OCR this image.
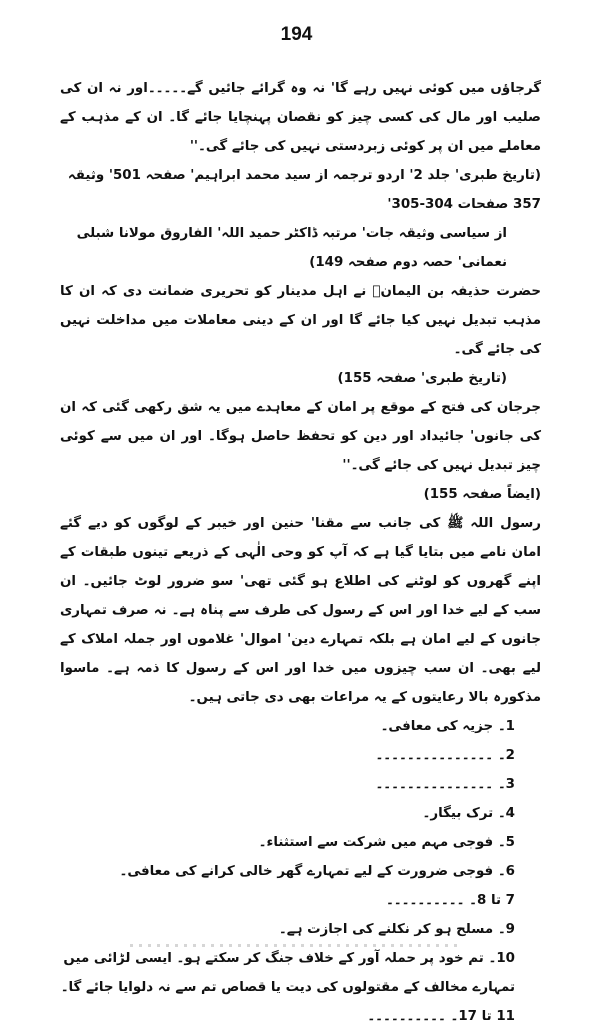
194

گرجاؤں میں کوئی نہیں رہے گا' نہ وہ گرائے جائیں گے۔۔۔۔۔اور نہ ان کی صلیب اور مال کی کسی چیز کو نقصان پہنچایا جائے گا۔ ان کے مذہب کے معاملے میں ان پر کوئی زبردستی نہیں کی جائے گی۔''

(تاریخ طبری' جلد 2' اردو ترجمہ از سید محمد ابراہیم' صفحہ 501' وثیقہ 357 صفحات 304-305'

از سیاسی وثیقہ جات' مرتبہ ڈاکٹر حمید اللہ' الفاروق مولانا شبلی نعمانی' حصہ دوم صفحہ 149)

حضرت حذیفہ بن الیمانؓ نے اہل مدینار کو تحریری ضمانت دی کہ ان کا مذہب تبدیل نہیں کیا جائے گا اور ان کے دینی معاملات میں مداخلت نہیں کی جائے گی۔

(تاریخ طبری' صفحہ 155)

جرجان کی فتح کے موقع پر امان کے معاہدے میں یہ شق رکھی گئی کہ ان کی جانوں' جائیداد اور دین کو تحفظ حاصل ہوگا۔ اور ان میں سے کوئی چیز تبدیل نہیں کی جائے گی۔''

(ایضاً صفحہ 155)

رسول اللہ ﷺ کی جانب سے مقنا' حنین اور خیبر کے لوگوں کو دیے گئے امان نامے میں بتایا گیا ہے کہ آپ کو وحی الٰہی کے ذریعے تینوں طبقات کے اپنے گھروں کو لوٹنے کی اطلاع ہو گئی تھی' سو ضرور لوٹ جائیں۔ ان سب کے لیے خدا اور اس کے رسول کی طرف سے پناہ ہے۔ نہ صرف تمہاری جانوں کے لیے امان ہے بلکہ تمہارے دین' اموال' غلاموں اور جملہ املاک کے لیے بھی۔ ان سب چیزوں میں خدا اور اس کے رسول کا ذمہ ہے۔ ماسوا مذکورہ بالا رعایتوں کے یہ مراعات بھی دی جاتی ہیں۔

1۔ جزیہ کی معافی۔
2۔ ۔۔۔۔۔۔۔۔۔۔۔۔۔۔۔
3۔ ۔۔۔۔۔۔۔۔۔۔۔۔۔۔۔
4۔ ترک بیگار۔
5۔ فوجی مہم میں شرکت سے استثناء۔
6۔ فوجی ضرورت کے لیے تمہارے گھر خالی کرانے کی معافی۔
7 تا 8۔ ۔۔۔۔۔۔۔۔۔۔
9۔ مسلح ہو کر نکلنے کی اجازت ہے۔
10۔ تم خود پر حملہ آور کے خلاف جنگ کر سکتے ہو۔ ایسی لڑائی میں تمہارے مخالف کے مقتولوں کی دیت یا قصاص تم سے نہ دلوایا جائے گا۔
11 تا 17۔ ۔۔۔۔۔۔۔۔۔۔
